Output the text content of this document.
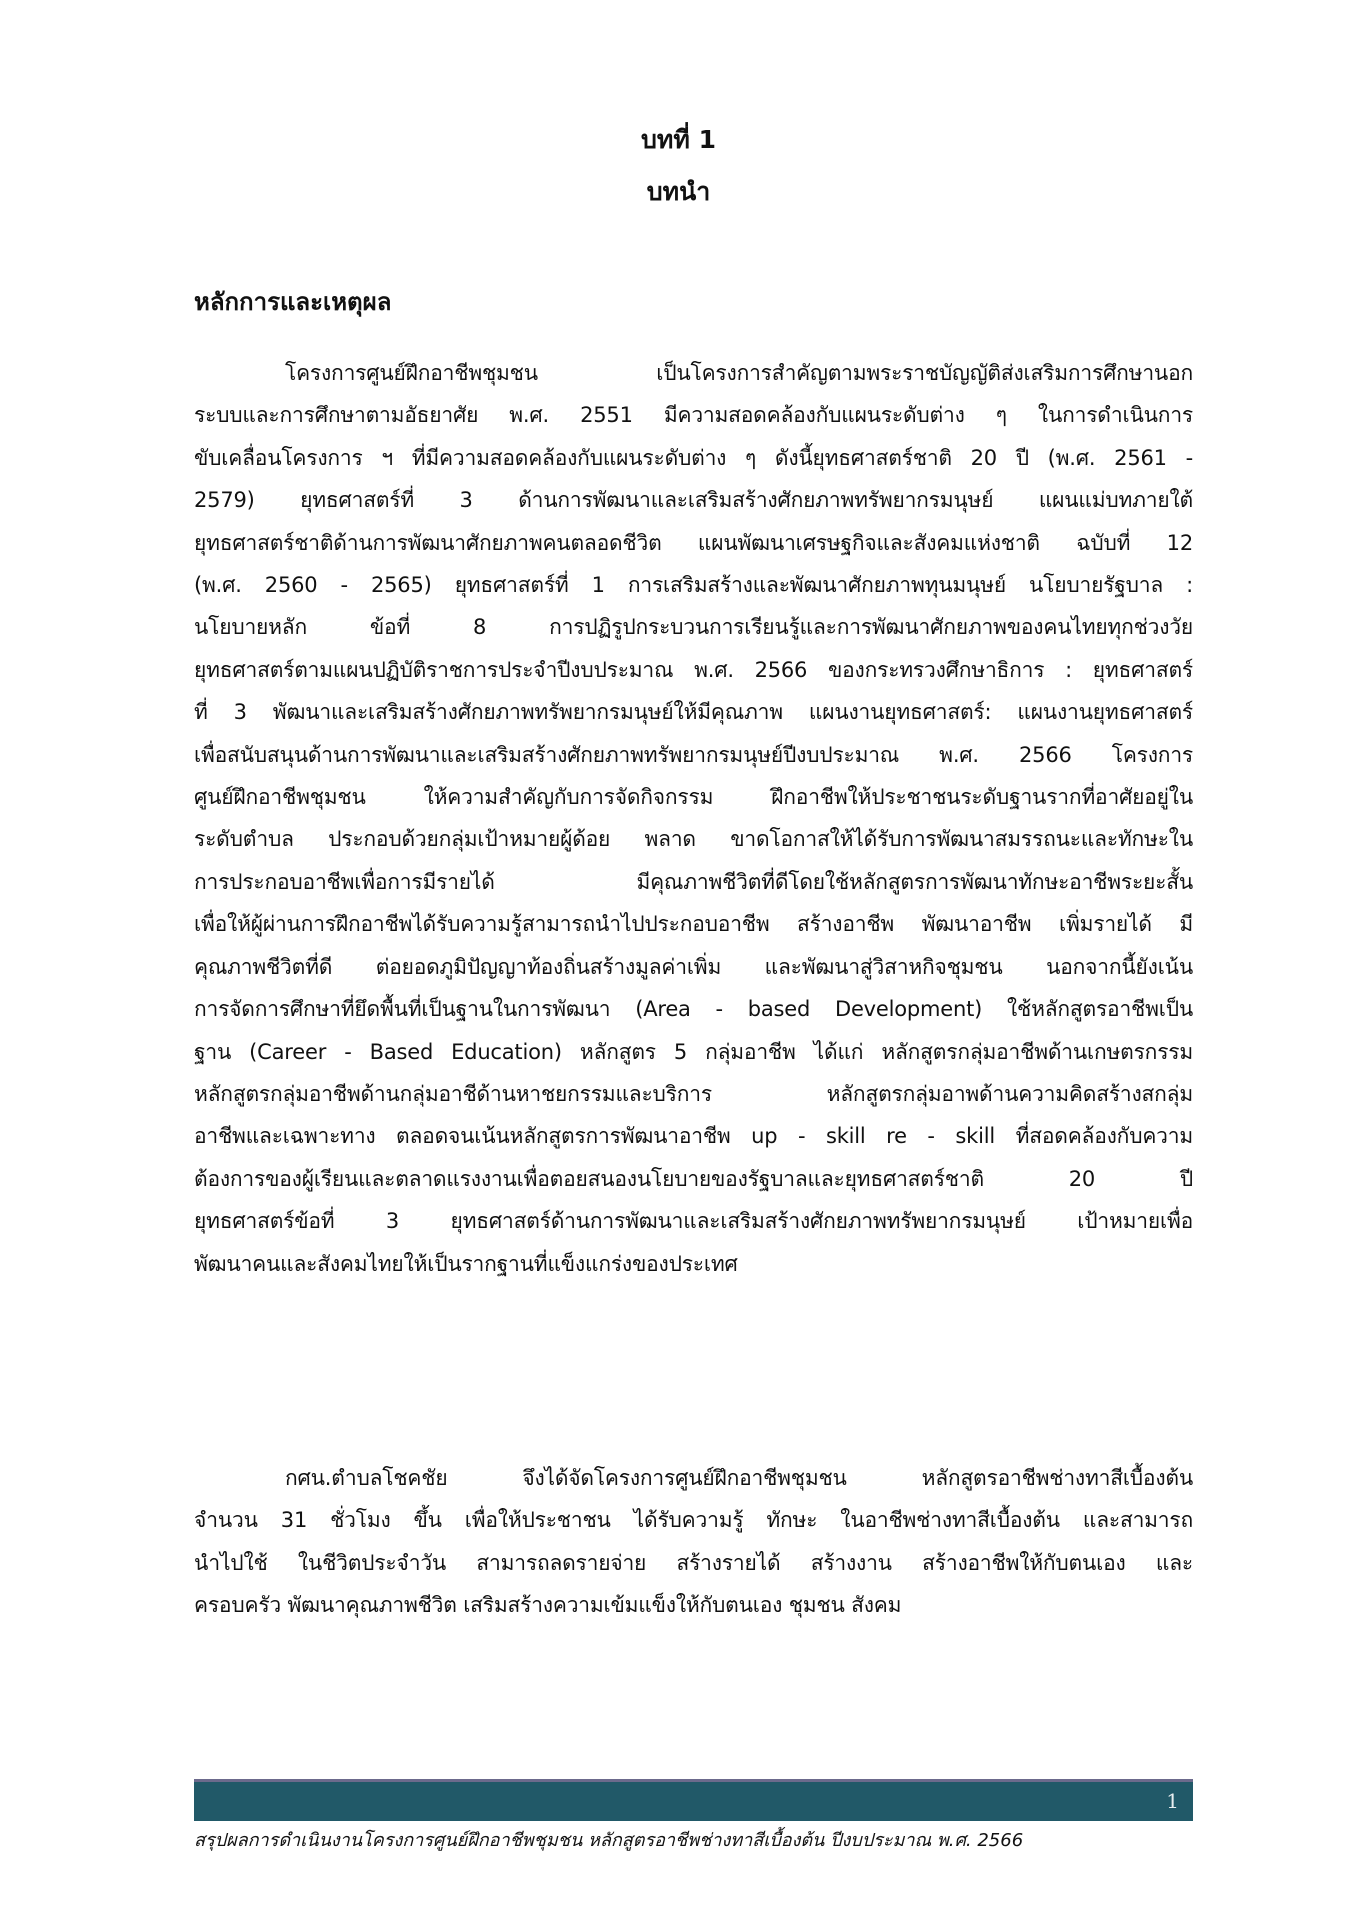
บทที่ 1
บทนำ
หลักการและเหตุผล
โครงการศูนย์ฝึกอาชีพชุมชน เป็นโครงการสำคัญตามพระราชบัญญัติส่งเสริมการศึกษานอก
ระบบและการศึกษาตามอัธยาศัย พ.ศ. 2551 มีความสอดคล้องกับแผนระดับต่าง ๆ ในการดำเนินการ
ขับเคลื่อนโครงการ ฯ ที่มีความสอดคล้องกับแผนระดับต่าง ๆ ดังนี้ยุทธศาสตร์ชาติ 20 ปี (พ.ศ. 2561 -
2579) ยุทธศาสตร์ที่ 3 ด้านการพัฒนาและเสริมสร้างศักยภาพทรัพยากรมนุษย์ แผนแม่บทภายใต้
ยุทธศาสตร์ชาติด้านการพัฒนาศักยภาพคนตลอดชีวิต แผนพัฒนาเศรษฐกิจและสังคมแห่งชาติ ฉบับที่ 12
(พ.ศ. 2560 - 2565) ยุทธศาสตร์ที่ 1 การเสริมสร้างและพัฒนาศักยภาพทุนมนุษย์ นโยบายรัฐบาล :
นโยบายหลัก ข้อที่ 8 การปฏิรูปกระบวนการเรียนรู้และการพัฒนาศักยภาพของคนไทยทุกช่วงวัย
ยุทธศาสตร์ตามแผนปฏิบัติราชการประจำปีงบประมาณ พ.ศ. 2566 ของกระทรวงศึกษาธิการ : ยุทธศาสตร์
ที่ 3 พัฒนาและเสริมสร้างศักยภาพทรัพยากรมนุษย์ให้มีคุณภาพ แผนงานยุทธศาสตร์: แผนงานยุทธศาสตร์
เพื่อสนับสนุนด้านการพัฒนาและเสริมสร้างศักยภาพทรัพยากรมนุษย์ปีงบประมาณ พ.ศ. 2566 โครงการ
ศูนย์ฝึกอาชีพชุมชน ให้ความสำคัญกับการจัดกิจกรรม ฝึกอาชีพให้ประชาชนระดับฐานรากที่อาศัยอยู่ใน
ระดับตำบล ประกอบด้วยกลุ่มเป้าหมายผู้ด้อย พลาด ขาดโอกาสให้ได้รับการพัฒนาสมรรถนะและทักษะใน
การประกอบอาชีพเพื่อการมีรายได้ มีคุณภาพชีวิตที่ดีโดยใช้หลักสูตรการพัฒนาทักษะอาชีพระยะสั้น
เพื่อให้ผู้ผ่านการฝึกอาชีพได้รับความรู้สามารถนำไปประกอบอาชีพ สร้างอาชีพ พัฒนาอาชีพ เพิ่มรายได้ มี
คุณภาพชีวิตที่ดี ต่อยอดภูมิปัญญาท้องถิ่นสร้างมูลค่าเพิ่ม และพัฒนาสู่วิสาหกิจชุมชน นอกจากนี้ยังเน้น
การจัดการศึกษาที่ยึดพื้นที่เป็นฐานในการพัฒนา (Area - based Development) ใช้หลักสูตรอาชีพเป็น
ฐาน (Career - Based Education) หลักสูตร 5 กลุ่มอาชีพ ได้แก่ หลักสูตรกลุ่มอาชีพด้านเกษตรกรรม
หลักสูตรกลุ่มอาชีพด้านกลุ่มอาชีด้านหาชยกรรมและบริการ หลักสูตรกลุ่มอาพด้านความคิดสร้างสกลุ่ม
อาชีพและเฉพาะทาง ตลอดจนเน้นหลักสูตรการพัฒนาอาชีพ up - skill re - skill ที่สอดคล้องกับความ
ต้องการของผู้เรียนและตลาดแรงงานเพื่อตอยสนองนโยบายของรัฐบาลและยุทธศาสตร์ชาติ 20 ปี
ยุทธศาสตร์ข้อที่ 3 ยุทธศาสตร์ด้านการพัฒนาและเสริมสร้างศักยภาพทรัพยากรมนุษย์ เป้าหมายเพื่อ
พัฒนาคนและสังคมไทยให้เป็นรากฐานที่แข็งแกร่งของประเทศ
กศน.ตำบลโชคชัย จึงได้จัดโครงการศูนย์ฝึกอาชีพชุมชน หลักสูตรอาชีพช่างทาสีเบื้องต้น
จำนวน 31 ชั่วโมง ขึ้น เพื่อให้ประชาชน ได้รับความรู้ ทักษะ ในอาชีพช่างทาสีเบื้องต้น และสามารถ
นำไปใช้ ในชีวิตประจำวัน สามารถลดรายจ่าย สร้างรายได้ สร้างงาน สร้างอาชีพให้กับตนเอง และ
ครอบครัว พัฒนาคุณภาพชีวิต เสริมสร้างความเข้มแข็งให้กับตนเอง ชุมชน สังคม
1
สรุปผลการดำเนินงานโครงการศูนย์ฝึกอาชีพชุมชน หลักสูตรอาชีพช่างทาสีเบื้องต้น ปีงบประมาณ พ.ศ. 2566
